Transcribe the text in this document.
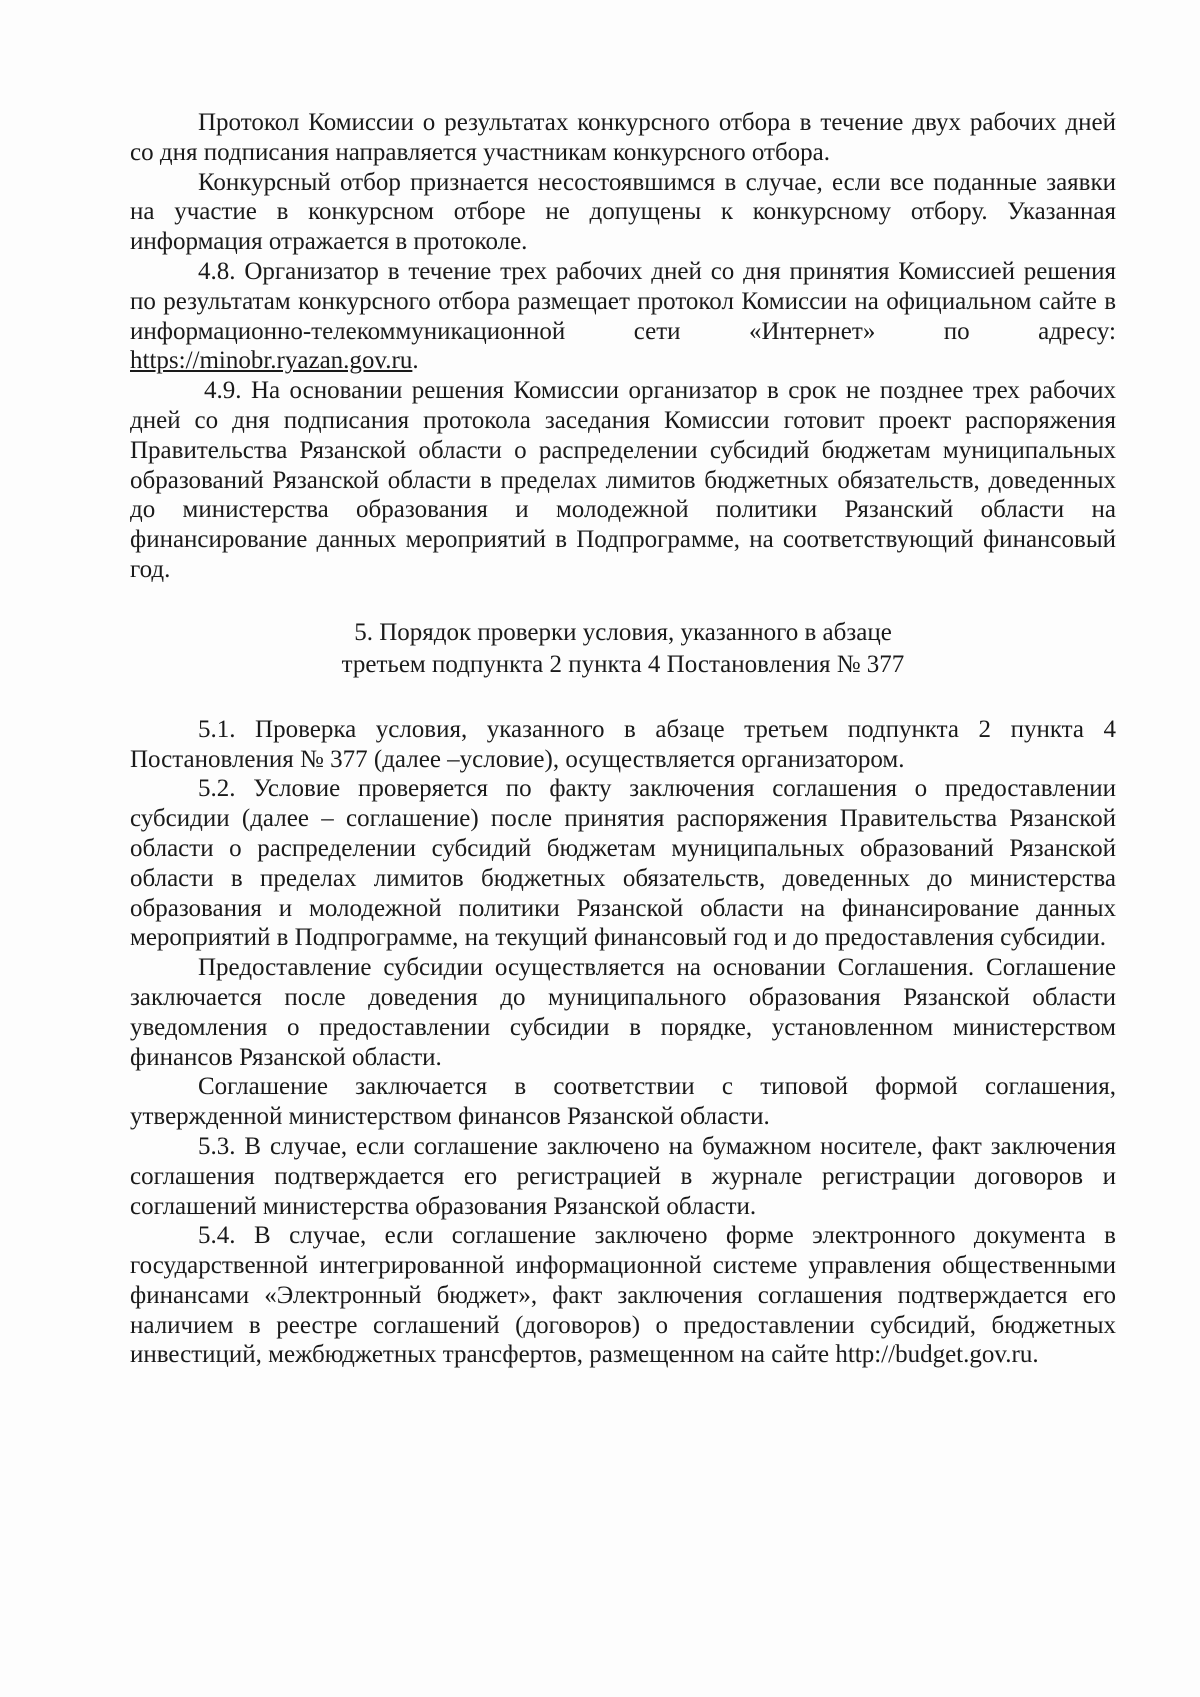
Протокол Комиссии о результатах конкурсного отбора в течение двух рабочих дней со дня подписания направляется участникам конкурсного отбора.

Конкурсный отбор признается несостоявшимся в случае, если все поданные заявки на участие в конкурсном отборе не допущены к конкурсному отбору. Указанная информация отражается в протоколе.

4.8. Организатор в течение трех рабочих дней со дня принятия Комиссией решения по результатам конкурсного отбора размещает протокол Комиссии на официальном сайте в информационно-телекоммуникационной сети «Интернет» по адресу: https://minobr.ryazan.gov.ru.

4.9. На основании решения Комиссии организатор в срок не позднее трех рабочих дней со дня подписания протокола заседания Комиссии готовит проект распоряжения Правительства Рязанской области о распределении субсидий бюджетам муниципальных образований Рязанской области в пределах лимитов бюджетных обязательств, доведенных до министерства образования и молодежной политики Рязанский области на финансирование данных мероприятий в Подпрограмме, на соответствующий финансовый год.

5. Порядок проверки условия, указанного в абзаце

третьем подпункта 2 пункта 4 Постановления № 377

5.1. Проверка условия, указанного в абзаце третьем подпункта 2 пункта 4 Постановления № 377 (далее –условие), осуществляется организатором.

5.2. Условие проверяется по факту заключения соглашения о предоставлении субсидии (далее – соглашение) после принятия распоряжения Правительства Рязанской области о распределении субсидий бюджетам муниципальных образований Рязанской области в пределах лимитов бюджетных обязательств, доведенных до министерства образования и молодежной политики Рязанской области на финансирование данных мероприятий в Подпрограмме, на текущий финансовый год и до предоставления субсидии.

Предоставление субсидии осуществляется на основании Соглашения. Соглашение заключается после доведения до муниципального образования Рязанской области уведомления о предоставлении субсидии в порядке, установленном министерством финансов Рязанской области.

Соглашение заключается в соответствии с типовой формой соглашения, утвержденной министерством финансов Рязанской области.

5.3. В случае, если соглашение заключено на бумажном носителе, факт заключения соглашения подтверждается его регистрацией в журнале регистрации договоров и соглашений министерства образования Рязанской области.

5.4. В случае, если соглашение заключено форме электронного документа в государственной интегрированной информационной системе управления общественными финансами «Электронный бюджет», факт заключения соглашения подтверждается его наличием в реестре соглашений (договоров) о предоставлении субсидий, бюджетных инвестиций, межбюджетных трансфертов, размещенном на сайте http://budget.gov.ru.
